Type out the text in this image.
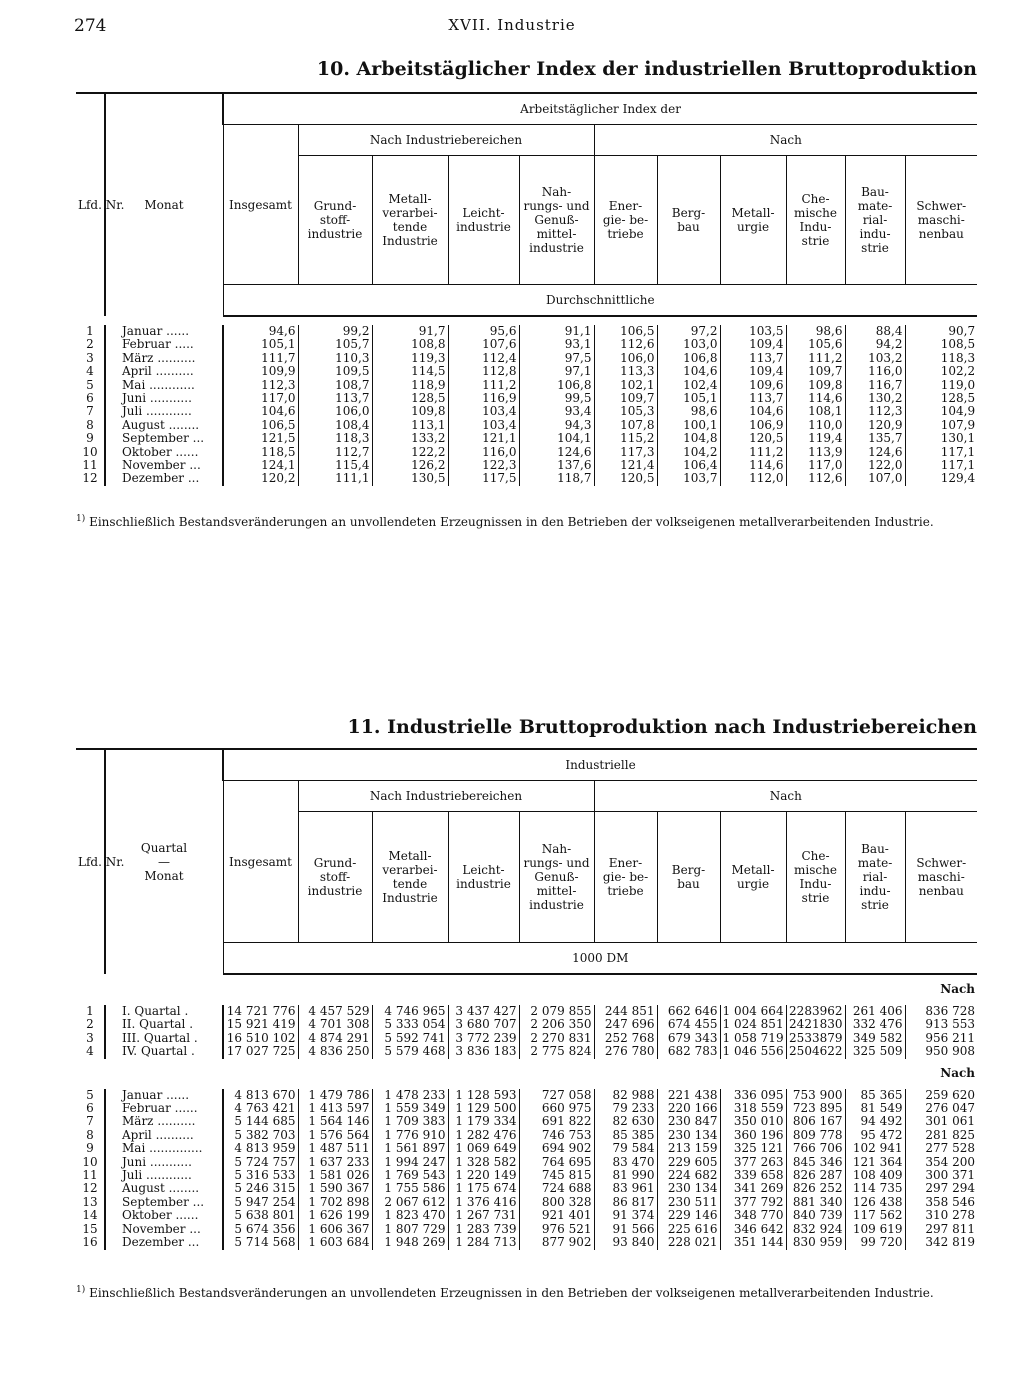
274	XVII. Industrie
10. Arbeitstäglicher Index der industriellen Bruttoproduktion
Lfd. Nr.	Monat	Arbeitstäglicher Index der										
		Insgesamt	Nach Industriebereichen				Nach					
			Grund- stoff- industrie	Metall- verarbei- tende Industrie	Leicht- industrie	Nah- rungs- und Genuß- mittel- industrie	Ener- gie- be- triebe	Berg- bau	Metall- urgie	Che- mische Indu- strie	Bau- mate- rial- indu- strie	Schwer- maschi- nenbau
		Durchschnittliche										

1	Januar ......	94,6	99,2	91,7	95,6	91,1	106,5	97,2	103,5	98,6	88,4	90,7
2	Februar .....	105,1	105,7	108,8	107,6	93,1	112,6	103,0	109,4	105,6	94,2	108,5
3	März ..........	111,7	110,3	119,3	112,4	97,5	106,0	106,8	113,7	111,2	103,2	118,3
4	April ..........	109,9	109,5	114,5	112,8	97,1	113,3	104,6	109,4	109,7	116,0	102,2
5	Mai ............	112,3	108,7	118,9	111,2	106,8	102,1	102,4	109,6	109,8	116,7	119,0
6	Juni ...........	117,0	113,7	128,5	116,9	99,5	109,7	105,1	113,7	114,6	130,2	128,5
7	Juli ............	104,6	106,0	109,8	103,4	93,4	105,3	98,6	104,6	108,1	112,3	104,9
8	August ........	106,5	108,4	113,1	103,4	94,3	107,8	100,1	106,9	110,0	120,9	107,9
9	September ...	121,5	118,3	133,2	121,1	104,1	115,2	104,8	120,5	119,4	135,7	130,1
10	Oktober ......	118,5	112,7	122,2	116,0	124,6	117,3	104,2	111,2	113,9	124,6	117,1
11	November ...	124,1	115,4	126,2	122,3	137,6	121,4	106,4	114,6	117,0	122,0	117,1
12	Dezember ...	120,2	111,1	130,5	117,5	118,7	120,5	103,7	112,0	112,6	107,0	129,4
$^{1)}$ Einschließlich Bestandsveränderungen an unvollendeten Erzeugnissen in den Betrieben der volkseigenen metallverarbeitenden Industrie.
11. Industrielle Bruttoproduktion nach Industriebereichen
Lfd. Nr.	Quartal
—
Monat	Industrielle										
		Insgesamt	Nach Industriebereichen				Nach					
			Grund- stoff- industrie	Metall- verarbei- tende Industrie	Leicht- industrie	Nah- rungs- und Genuß- mittel- industrie	Ener- gie- be- triebe	Berg- bau	Metall- urgie	Che- mische Indu- strie	Bau- mate- rial- indu- strie	Schwer- maschi- nenbau
		1000 DM										
Nach												
1	I. Quartal .	14 721 776	4 457 529	4 746 965	3 437 427	2 079 855	244 851	662 646	1 004 664	2283962	261 406	836 728
2	II. Quartal .	15 921 419	4 701 308	5 333 054	3 680 707	2 206 350	247 696	674 455	1 024 851	2421830	332 476	913 553
3	III. Quartal .	16 510 102	4 874 291	5 592 741	3 772 239	2 270 831	252 768	679 343	1 058 719	2533879	349 582	956 211
4	IV. Quartal .	17 027 725	4 836 250	5 579 468	3 836 183	2 775 824	276 780	682 783	1 046 556	2504622	325 509	950 908
Nach												
5	Januar ......	4 813 670	1 479 786	1 478 233	1 128 593	727 058	82 988	221 438	336 095	753 900	85 365	259 620
6	Februar ......	4 763 421	1 413 597	1 559 349	1 129 500	660 975	79 233	220 166	318 559	723 895	81 549	276 047
7	März ..........	5 144 685	1 564 146	1 709 383	1 179 334	691 822	82 630	230 847	350 010	806 167	94 492	301 061
8	April ..........	5 382 703	1 576 564	1 776 910	1 282 476	746 753	85 385	230 134	360 196	809 778	95 472	281 825
9	Mai ..............	4 813 959	1 487 511	1 561 897	1 069 649	694 902	79 584	213 159	325 121	766 706	102 941	277 528
10	Juni ...........	5 724 757	1 637 233	1 994 247	1 328 582	764 695	83 470	229 605	377 263	845 346	121 364	354 200
11	Juli ............	5 316 533	1 581 026	1 769 543	1 220 149	745 815	81 990	224 682	339 658	826 287	108 409	300 371
12	August ........	5 246 315	1 590 367	1 755 586	1 175 674	724 688	83 961	230 134	341 269	826 252	114 735	297 294
13	September ...	5 947 254	1 702 898	2 067 612	1 376 416	800 328	86 817	230 511	377 792	881 340	126 438	358 546
14	Oktober ......	5 638 801	1 626 199	1 823 470	1 267 731	921 401	91 374	229 146	348 770	840 739	117 562	310 278
15	November ...	5 674 356	1 606 367	1 807 729	1 283 739	976 521	91 566	225 616	346 642	832 924	109 619	297 811
16	Dezember ...	5 714 568	1 603 684	1 948 269	1 284 713	877 902	93 840	228 021	351 144	830 959	99 720	342 819
$^{1)}$ Einschließlich Bestandsveränderungen an unvollendeten Erzeugnissen in den Betrieben der volkseigenen metallverarbeitenden Industrie.
